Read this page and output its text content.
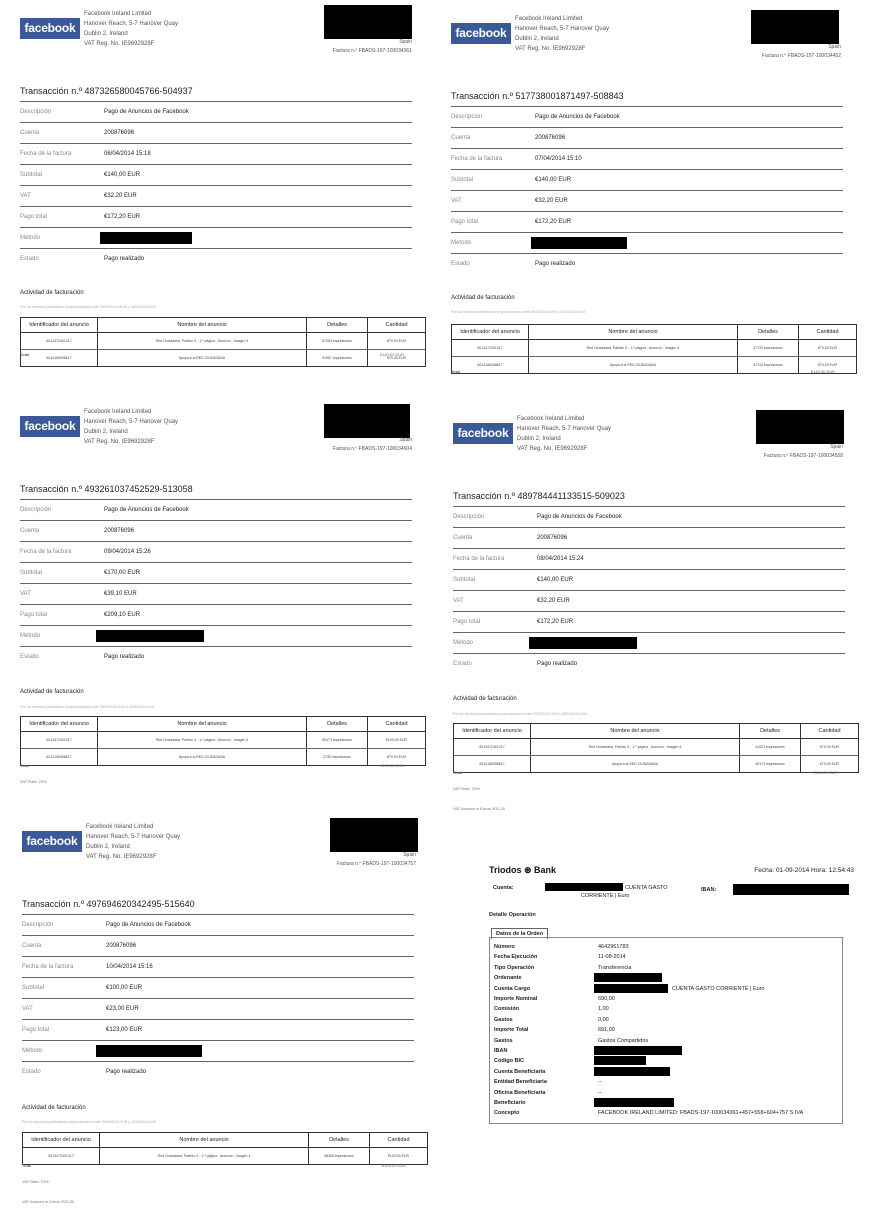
facebook
Facebook Ireland Limited
Hanover Reach, 5-7 Hanover Quay
Dublin 2, Ireland
VAT Reg. No. IE9692928F	Spain
Factura n.º FBADS-197-100034361
Transacción n.º 487326580045766-504937
Descripción	Pago de Anuncios de Facebook
Cuenta	200876096
Fecha de la factura	06/04/2014 15:18
Subtotal	€140,00 EUR
VAT	€32,20 EUR
Pago total	€172,20 EUR
Método
Estado	Pago realizado
Actividad de facturación
Por los servicios publicitarios proporcionados entre 05/04/2014 00:00 y 06/04/2014 6:00
Identificador del anuncio	Nombre del anuncio	Detalles	Cantidad
6013472401317	Red Ciudadana, Partido X - 1.ª página - Anuncio - Imagen 4	67263 impresiones	€70,00 EUR
6014166398617	Apoya a la RED CIUDADANA	51967 impresiones	€70,00 EUR
Total	€140,00 EUR
facebook
Facebook Ireland Limited
Hanover Reach, 5-7 Hanover Quay
Dublin 2, Ireland
VAT Reg. No. IE9692928F	Spain
Factura n.º FBADS-197-100034452
Transacción n.º 517738001871497-508843
Descripción	Pago de Anuncios de Facebook
Cuenta	200876096
Fecha de la factura	07/04/2014 15:10
Subtotal	€140,00 EUR
VAT	€32,20 EUR
Pago total	€172,20 EUR
Método
Estado	Pago realizado
Actividad de facturación
Por los servicios publicitarios proporcionados entre 06/04/2014 6:00 y 07/04/2014 6:00
Identificador del anuncio	Nombre del anuncio	Detalles	Cantidad
6013472401317	Red Ciudadana, Partido X - 1.ª página - Anuncio - Imagen 4	47734 impresiones	€70,00 EUR
6014166398617	Apoya a la RED CIUDADANA	51744 impresiones	€70,00 EUR
Total	€140,00 EUR
facebook
Facebook Ireland Limited
Hanover Reach, 5-7 Hanover Quay
Dublin 2, Ireland
VAT Reg. No. IE9692928F	Spain
Factura n.º FBADS-197-100034604
Transacción n.º 493261037452529-513058
Descripción	Pago de Anuncios de Facebook
Cuenta	200876096
Fecha de la factura	09/04/2014 15:26
Subtotal	€170,00 EUR
VAT	€39,10 EUR
Pago total	€209,10 EUR
Método
Estado	Pago realizado
Actividad de facturación
Por los servicios publicitarios proporcionados entre 08/04/2014 6:00 y 09/04/2014 6:00
Identificador del anuncio	Nombre del anuncio	Detalles	Cantidad
6013472401317	Red Ciudadana, Partido X - 1.ª página - Anuncio - Imagen 4	50473 impresiones	€100,00 EUR
6014166398617	Apoya a la RED CIUDADANA	2735 impresiones	€70,00 EUR
Total	€170,00 EUR
VAT Rate: 23%
facebook
Facebook Ireland Limited
Hanover Reach, 5-7 Hanover Quay
Dublin 2, Ireland
VAT Reg. No. IE9692928F	Spain
Factura n.º FBADS-197-100034558
Transacción n.º 489784441133515-509023
Descripción	Pago de Anuncios de Facebook
Cuenta	200876096
Fecha de la factura	08/04/2014 15:24
Subtotal	€140,00 EUR
VAT	€32,20 EUR
Pago total	€172,20 EUR
Método
Estado	Pago realizado
Actividad de facturación
Por los servicios publicitarios proporcionados entre 07/04/2014 6:00 y 08/04/2014 6:00
Identificador del anuncio	Nombre del anuncio	Detalles	Cantidad
6013472401317	Red Ciudadana, Partido X - 1.ª página - Anuncio - Imagen 4	41023 impresiones	€70,00 EUR
6014166398617	Apoya a la RED CIUDADANA	36173 impresiones	€70,00 EUR
Total	€140,00 EUR
VAT Rate: 23%
VAT Amount in Euros: €32,20
facebook
Facebook Ireland Limited
Hanover Reach, 5-7 Hanover Quay
Dublin 2, Ireland
VAT Reg. No. IE9692928F	Spain
Factura n.º FBADS-197-100034757
Transacción n.º 497694620342495-515640
Descripción	Pago de Anuncios de Facebook
Cuenta	200876096
Fecha de la factura	10/04/2014 15:16
Subtotal	€100,00 EUR
VAT	€23,00 EUR
Pago total	€123,00 EUR
Método
Estado	Pago realizado
Actividad de facturación
Por los servicios publicitarios proporcionados entre 09/04/2014 6:00 y 10/04/2014 6:00
Identificador del anuncio	Nombre del anuncio	Detalles	Cantidad
6013472401317	Red Ciudadana, Partido X - 1.ª página - Anuncio - Imagen 4	58398 impresiones	€100,00 EUR
Total	€100,00 EUR
VAT Rate: 23%
VAT Amount in Euros: €23,00
Triodos ⊛ Bank	Fecha: 01-09-2014 Hora: 12:54:43
Cuenta:	CUENTA GASTO
CORRIENTE | Euro
IBAN:
Detalle Operación
Datos de la Orden
Número	4642961783
Fecha Ejecución	11-08-2014
Tipo Operación	Transferencia
Ordenante
Cuenta Cargo	CUENTA GASTO CORRIENTE | Euro
Importe Nominal	690,00
Comisión	1,00
Gastos	0,00
Importe Total	691,00
Gastos	Gastos Compartidos
IBAN
Código BIC
Cuenta Beneficiaria
Entidad Beneficiaria	--
Oficina Beneficiaria	--
Beneficiario
Concepto	FACEBOOK IRELAND LIMITED: FBADS-197-100034361+457+558+604+757 S IVA
